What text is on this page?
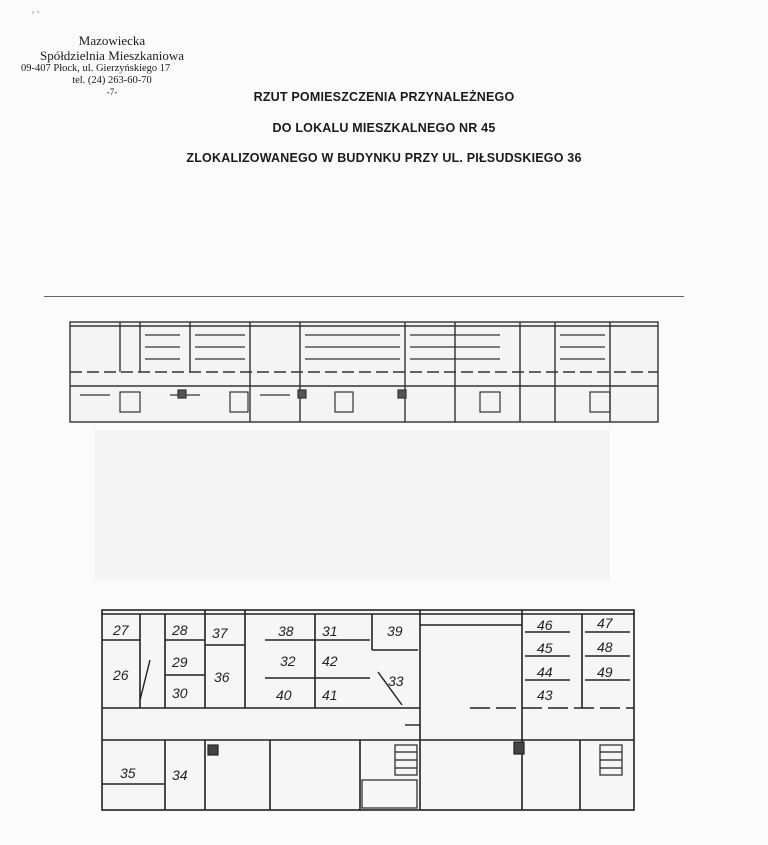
‘ ’
Mazowiecka
Spółdzielnia Mieszkaniowa
09-407 Płock, ul. Gierzyńskiego 17
tel. (24) 263-60-70
-7-	RZUT POMIESZCZENIA PRZYNALEŻNEGO
DO LOKALU MIESZKALNEGO NR 45
ZLOKALIZOWANEGO W BUDYNKU PRZY UL. PIŁSUDSKIEGO 36

27	28
29
30
26
37
36
38
32
40
31
42
41
39
33
46
45
44
43
47
48
49
35	34
